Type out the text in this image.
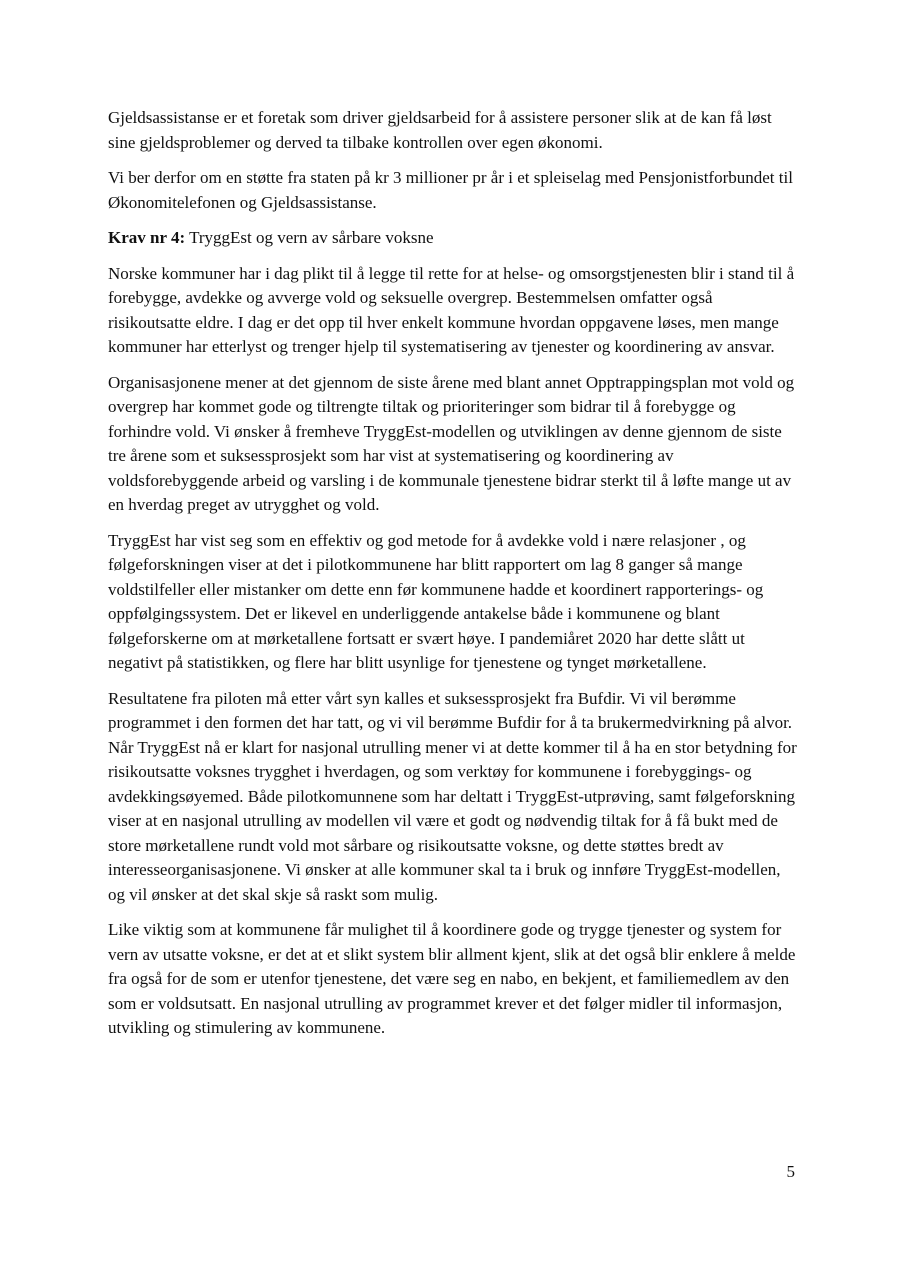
Gjeldsassistanse er et foretak som driver gjeldsarbeid for å assistere personer slik at de kan få løst sine gjeldsproblemer og derved ta tilbake kontrollen over egen økonomi.

Vi ber derfor om en støtte fra staten på kr 3 millioner pr år i et spleiselag med Pensjonistforbundet til Økonomitelefonen og Gjeldsassistanse.

Krav nr 4: TryggEst og vern av sårbare voksne

Norske kommuner har i dag plikt til å legge til rette for at helse- og omsorgstjenesten blir i stand til å forebygge, avdekke og avverge vold og seksuelle overgrep. Bestemmelsen omfatter også risikoutsatte eldre. I dag er det opp til hver enkelt kommune hvordan oppgavene løses, men mange kommuner har etterlyst og trenger hjelp til systematisering av tjenester og koordinering av ansvar.

Organisasjonene mener at det gjennom de siste årene med blant annet Opptrappingsplan mot vold og overgrep har kommet gode og tiltrengte tiltak og prioriteringer som bidrar til å forebygge og forhindre vold. Vi ønsker å fremheve TryggEst-modellen og utviklingen av denne gjennom de siste tre årene som et suksessprosjekt som har vist at systematisering og koordinering av voldsforebyggende arbeid og varsling i de kommunale tjenestene bidrar sterkt til å løfte mange ut av en hverdag preget av utrygghet og vold.

TryggEst har vist seg som en effektiv og god metode for å avdekke vold i nære relasjoner , og følgeforskningen viser at det i pilotkommunene har blitt rapportert om lag 8 ganger så mange voldstilfeller eller mistanker om dette enn før kommunene hadde et koordinert rapporterings- og oppfølgingssystem. Det er likevel en underliggende antakelse både i kommunene og blant følgeforskerne om at mørketallene fortsatt er svært høye. I pandemiåret 2020 har dette slått ut negativt på statistikken, og flere har blitt usynlige for tjenestene og tynget mørketallene.

Resultatene fra piloten må etter vårt syn kalles et suksessprosjekt fra Bufdir. Vi vil berømme programmet i den formen det har tatt, og vi vil berømme Bufdir for å ta brukermedvirkning på alvor. Når TryggEst nå er klart for nasjonal utrulling mener vi at dette kommer til å ha en stor betydning for risikoutsatte voksnes trygghet i hverdagen, og som verktøy for kommunene i forebyggings- og avdekkingsøyemed. Både pilotkomunnene som har deltatt i TryggEst-utprøving, samt følgeforskning viser at en nasjonal utrulling av modellen vil være et godt og nødvendig tiltak for å få bukt med de store mørketallene rundt vold mot sårbare og risikoutsatte voksne, og dette støttes bredt av interesseorganisasjonene. Vi ønsker at alle kommuner skal ta i bruk og innføre TryggEst-modellen, og vil ønsker at det skal skje så raskt som mulig.

Like viktig som at kommunene får mulighet til å koordinere gode og trygge tjenester og system for vern av utsatte voksne, er det at et slikt system blir allment kjent, slik at det også blir enklere å melde fra også for de som er utenfor tjenestene, det være seg en nabo, en bekjent, et familiemedlem av den som er voldsutsatt. En nasjonal utrulling av programmet krever et det følger midler til informasjon, utvikling og stimulering av kommunene.

5
